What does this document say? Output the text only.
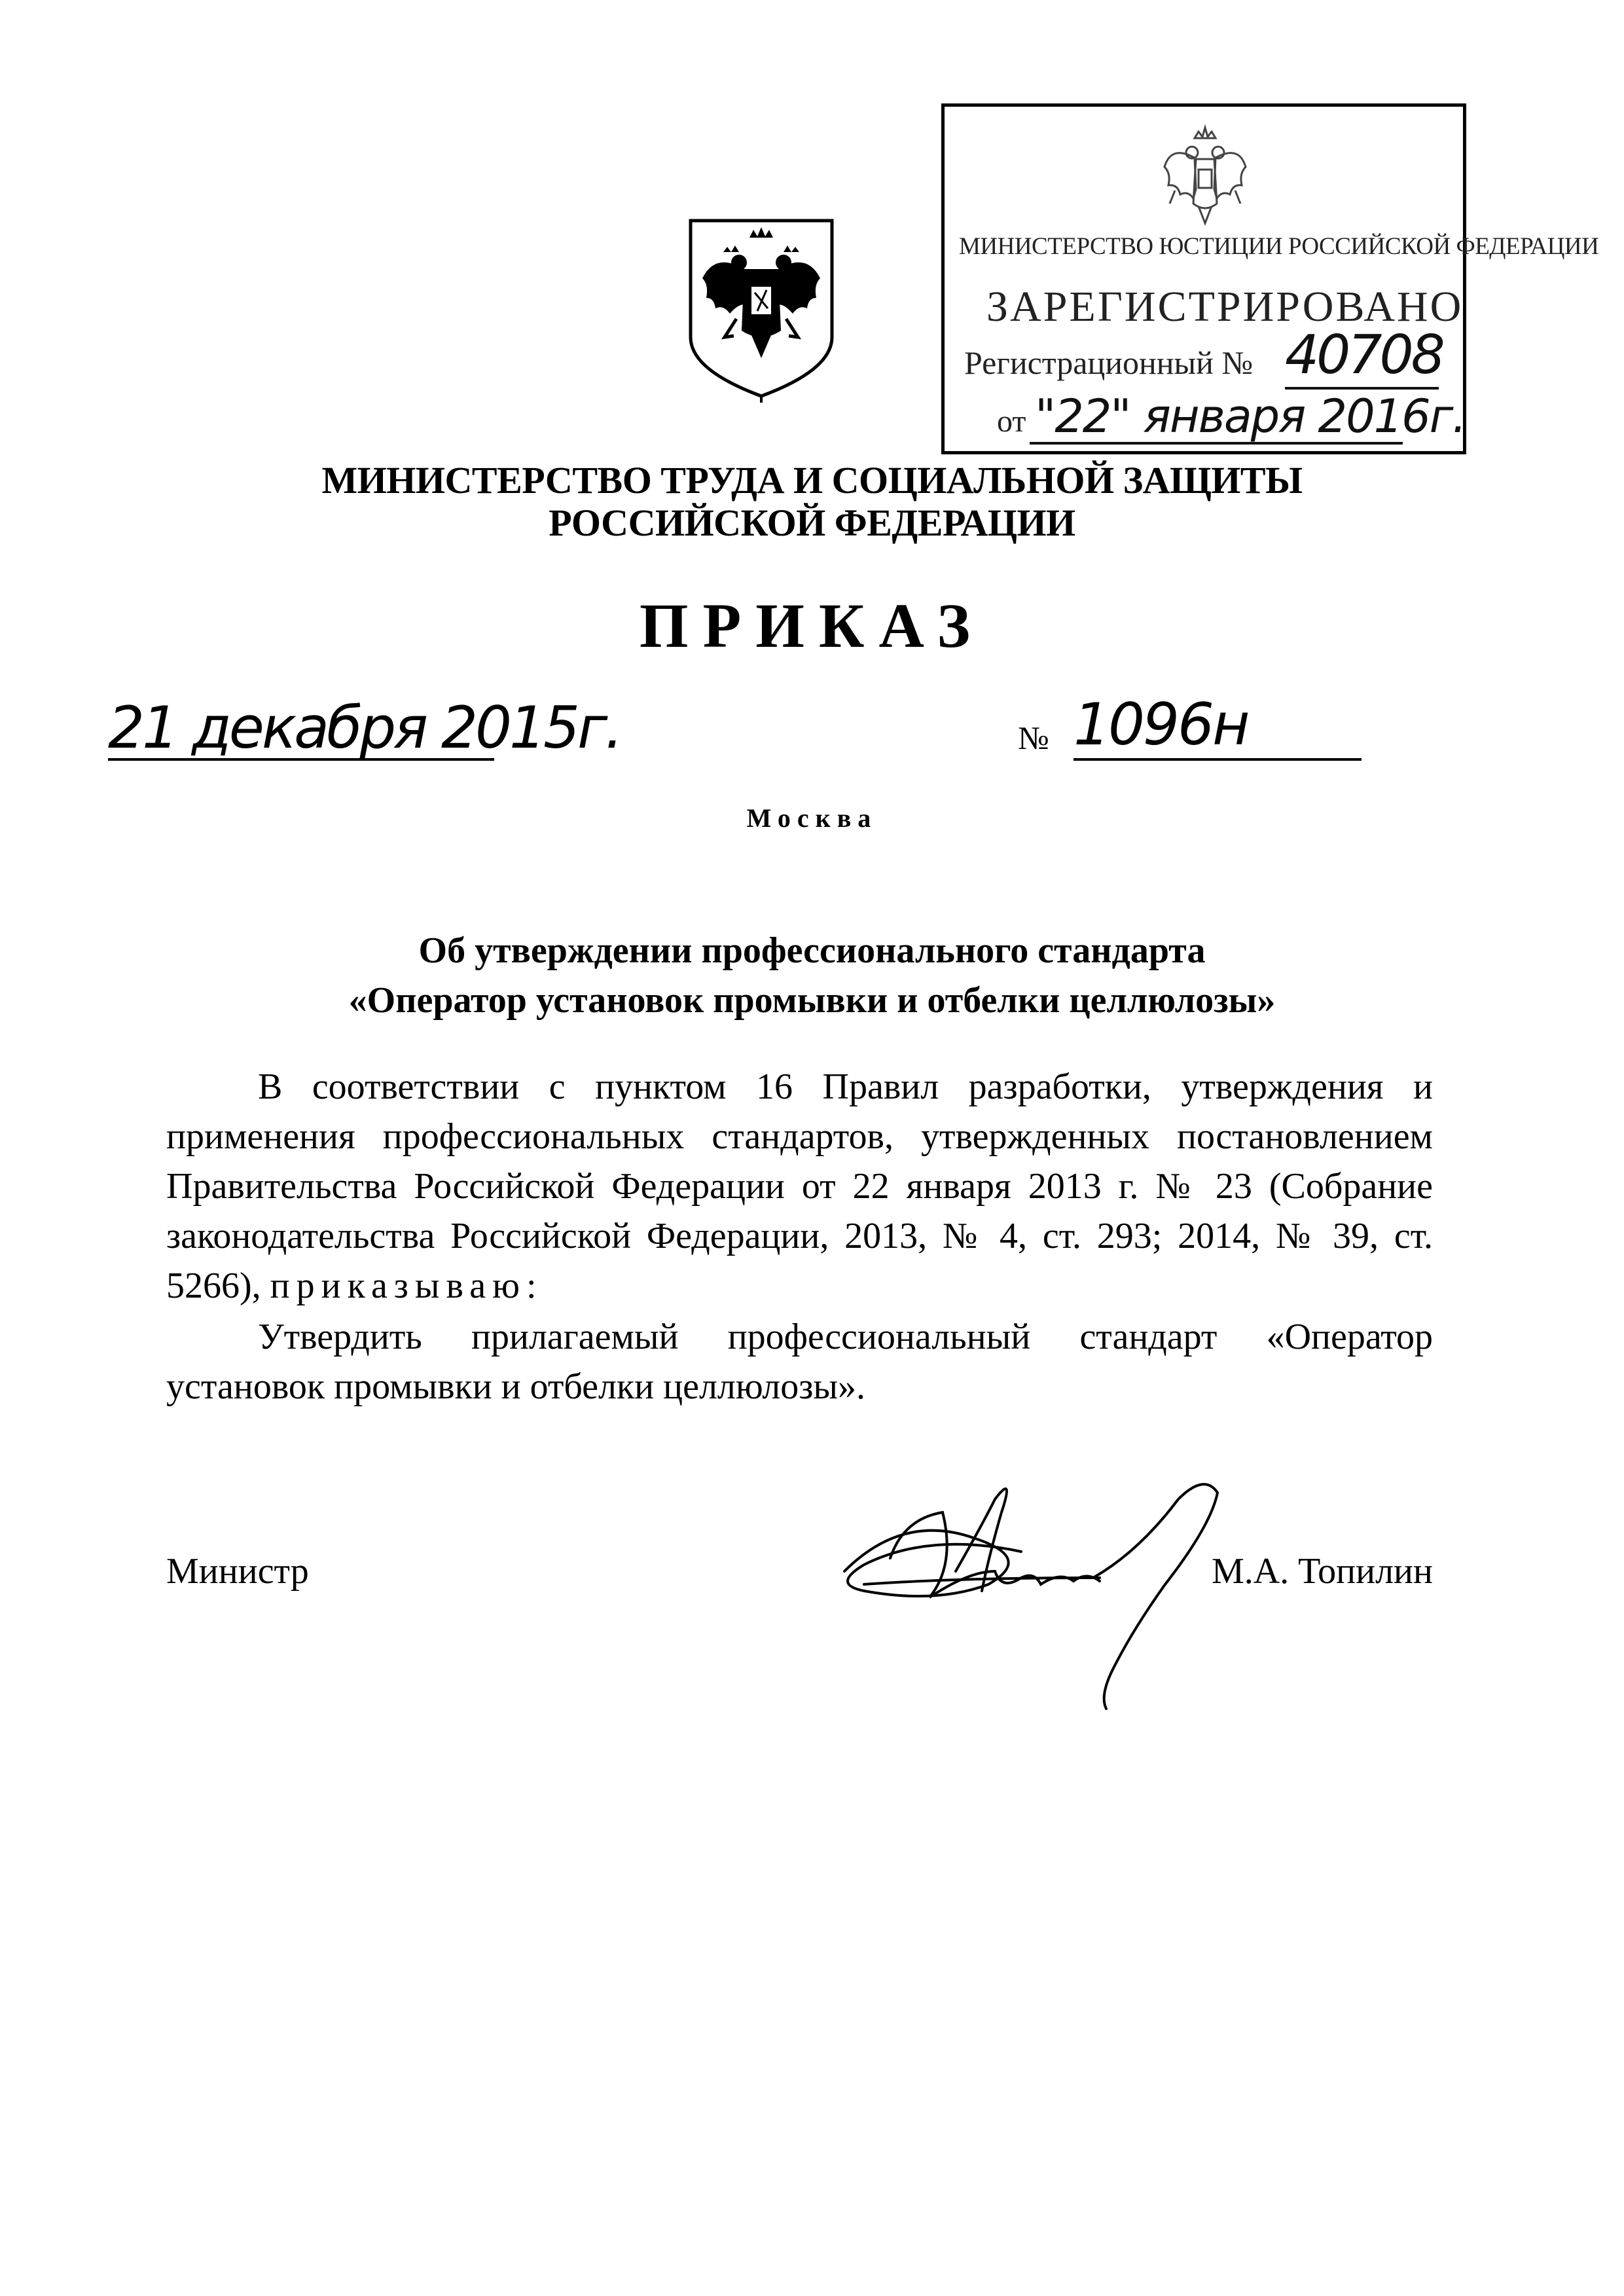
МИНИСТЕРСТВО ЮСТИЦИИ РОССИЙСКОЙ ФЕДЕРАЦИИ
ЗАРЕГИСТРИРОВАНО
Регистрационный № 40708
от "22" января 2016г.
МИНИСТЕРСТВО ТРУДА И СОЦИАЛЬНОЙ ЗАЩИТЫ
РОССИЙСКОЙ ФЕДЕРАЦИИ
ПРИКАЗ
21 декабря 2015г.	№ 1096н
Москва
Об утверждении профессионального стандарта
«Оператор установок промывки и отбелки целлюлозы»
В соответствии с пунктом 16 Правил разработки, утверждения и применения профессиональных стандартов, утвержденных постановлением Правительства Российской Федерации от 22 января 2013 г. № 23 (Собрание законодательства Российской Федерации, 2013, № 4, ст. 293; 2014, № 39, ст. 5266), приказываю:
Утвердить прилагаемый профессиональный стандарт «Оператор установок промывки и отбелки целлюлозы».
Министр	М.А. Топилин
